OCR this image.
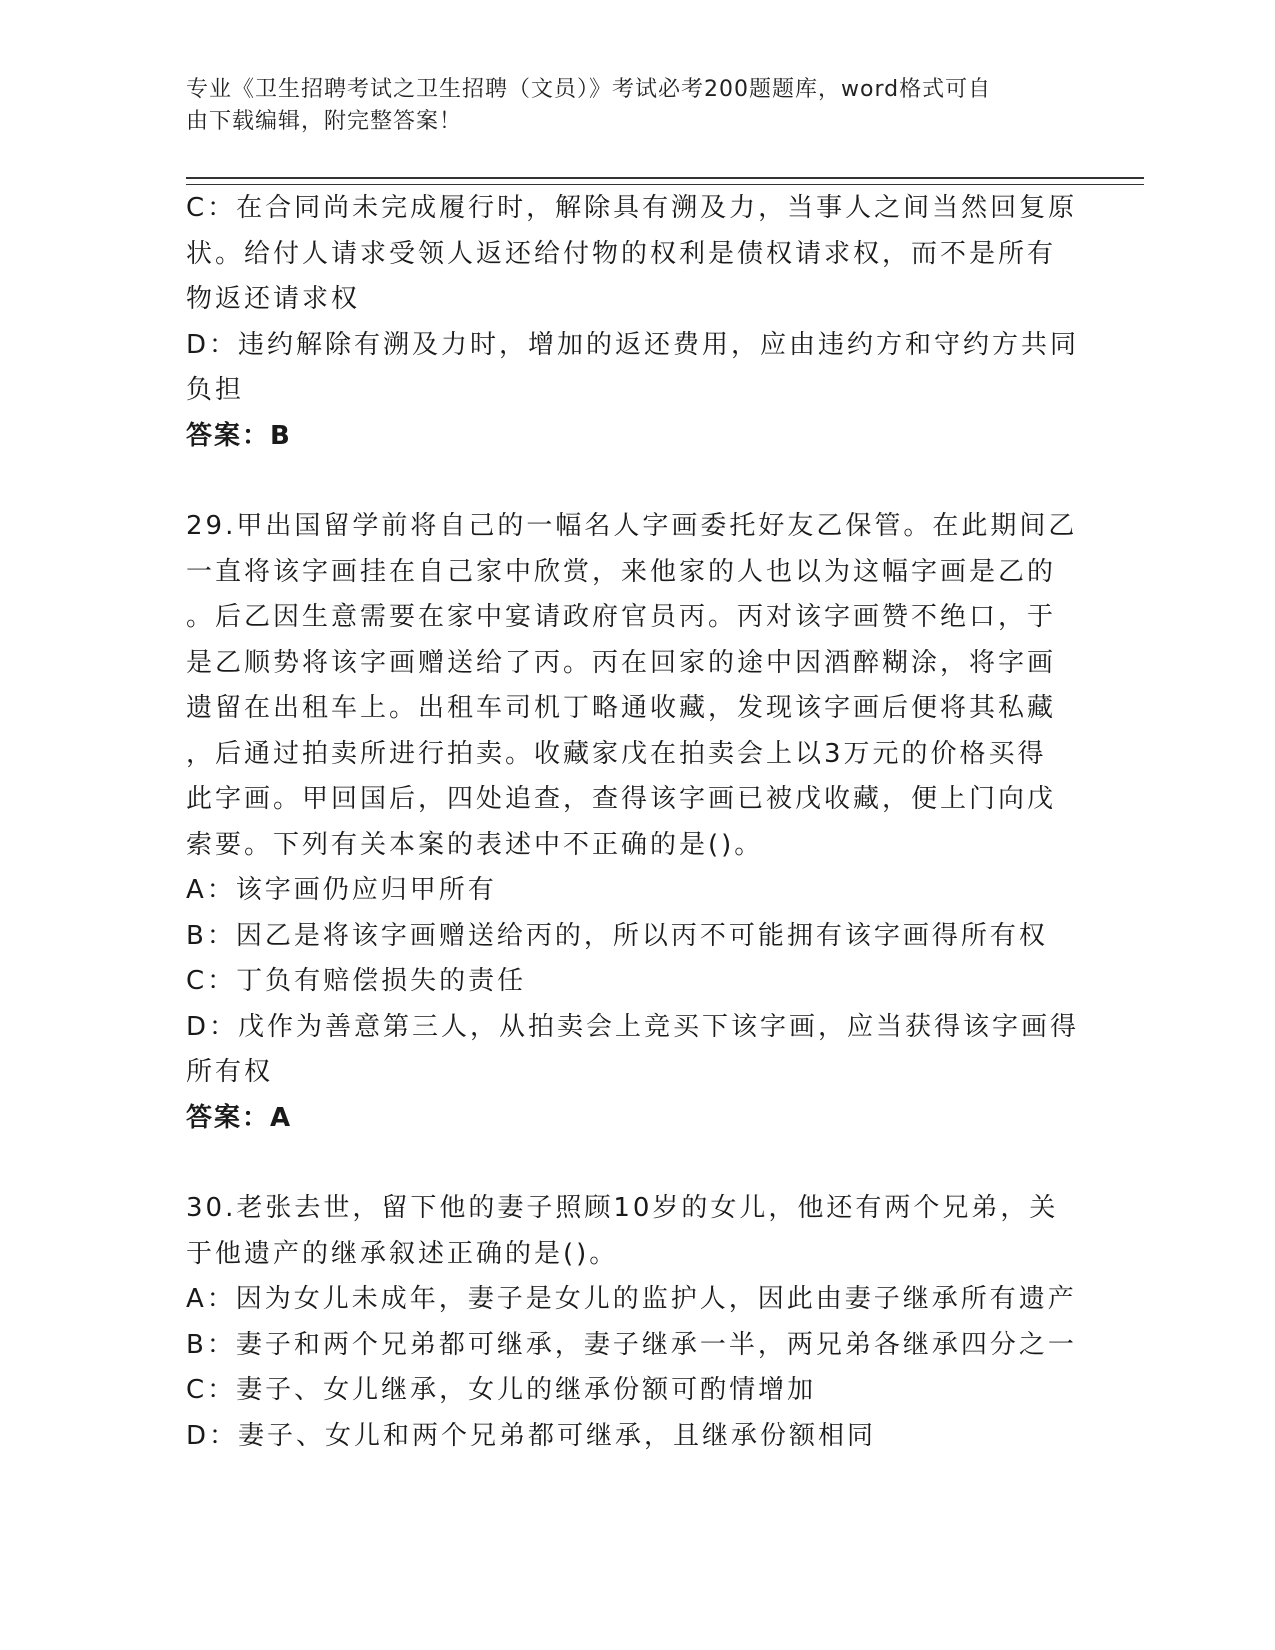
专业《卫生招聘考试之卫生招聘（文员）》考试必考200题题库，word格式可自
由下载编辑，附完整答案！
C：在合同尚未完成履行时，解除具有溯及力，当事人之间当然回复原
状。给付人请求受领人返还给付物的权利是债权请求权，而不是所有
物返还请求权
D：违约解除有溯及力时，增加的返还费用，应由违约方和守约方共同
负担
答案：B
29.甲出国留学前将自己的一幅名人字画委托好友乙保管。在此期间乙
一直将该字画挂在自己家中欣赏，来他家的人也以为这幅字画是乙的
。后乙因生意需要在家中宴请政府官员丙。丙对该字画赞不绝口，于
是乙顺势将该字画赠送给了丙。丙在回家的途中因酒醉糊涂，将字画
遗留在出租车上。出租车司机丁略通收藏，发现该字画后便将其私藏
，后通过拍卖所进行拍卖。收藏家戊在拍卖会上以3万元的价格买得
此字画。甲回国后，四处追查，查得该字画已被戊收藏，便上门向戊
索要。下列有关本案的表述中不正确的是()。
A：该字画仍应归甲所有
B：因乙是将该字画赠送给丙的，所以丙不可能拥有该字画得所有权
C：丁负有赔偿损失的责任
D：戊作为善意第三人，从拍卖会上竞买下该字画，应当获得该字画得
所有权
答案：A
30.老张去世，留下他的妻子照顾10岁的女儿，他还有两个兄弟，关
于他遗产的继承叙述正确的是()。
A：因为女儿未成年，妻子是女儿的监护人，因此由妻子继承所有遗产
B：妻子和两个兄弟都可继承，妻子继承一半，两兄弟各继承四分之一
C：妻子、女儿继承，女儿的继承份额可酌情增加
D：妻子、女儿和两个兄弟都可继承，且继承份额相同
